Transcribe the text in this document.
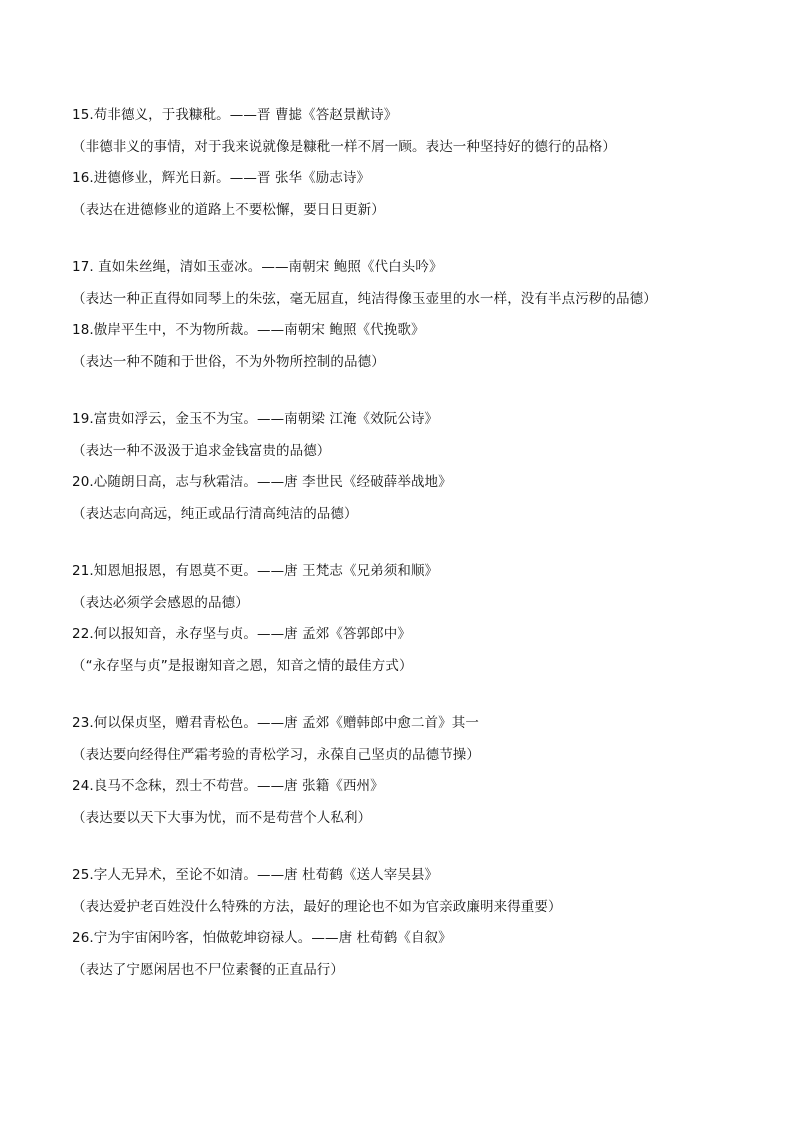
15.苟非德义，于我糠秕。——晋 曹摅《答赵景猷诗》
（非德非义的事情，对于我来说就像是糠秕一样不屑一顾。表达一种坚持好的德行的品格）
16.进德修业，辉光日新。——晋 张华《励志诗》
（表达在进德修业的道路上不要松懈，要日日更新）
17. 直如朱丝绳，清如玉壶冰。——南朝宋 鲍照《代白头吟》
（表达一种正直得如同琴上的朱弦，毫无屈直，纯洁得像玉壶里的水一样，没有半点污秽的品德）
18.傲岸平生中，不为物所裁。——南朝宋 鲍照《代挽歌》
（表达一种不随和于世俗，不为外物所控制的品德）
19.富贵如浮云，金玉不为宝。——南朝梁 江淹《效阮公诗》
（表达一种不汲汲于追求金钱富贵的品德）
20.心随朗日高，志与秋霜洁。——唐 李世民《经破薛举战地》
（表达志向高远，纯正或品行清高纯洁的品德）
21.知恩旭报恩，有恩莫不更。——唐 王梵志《兄弟须和顺》
（表达必须学会感恩的品德）
22.何以报知音，永存坚与贞。——唐 孟郊《答郭郎中》
（“永存坚与贞”是报谢知音之恩，知音之情的最佳方式）
23.何以保贞坚，赠君青松色。——唐 孟郊《赠韩郎中愈二首》其一
（表达要向经得住严霜考验的青松学习，永葆自己坚贞的品德节操）
24.良马不念秣，烈士不苟营。——唐 张籍《西州》
（表达要以天下大事为忧，而不是苟营个人私利）
25.字人无异术，至论不如清。——唐 杜荀鹤《送人宰吴县》
（表达爱护老百姓没什么特殊的方法，最好的理论也不如为官亲政廉明来得重要）
26.宁为宇宙闲吟客，怕做乾坤窃禄人。——唐 杜荀鹤《自叙》
（表达了宁愿闲居也不尸位素餐的正直品行）
